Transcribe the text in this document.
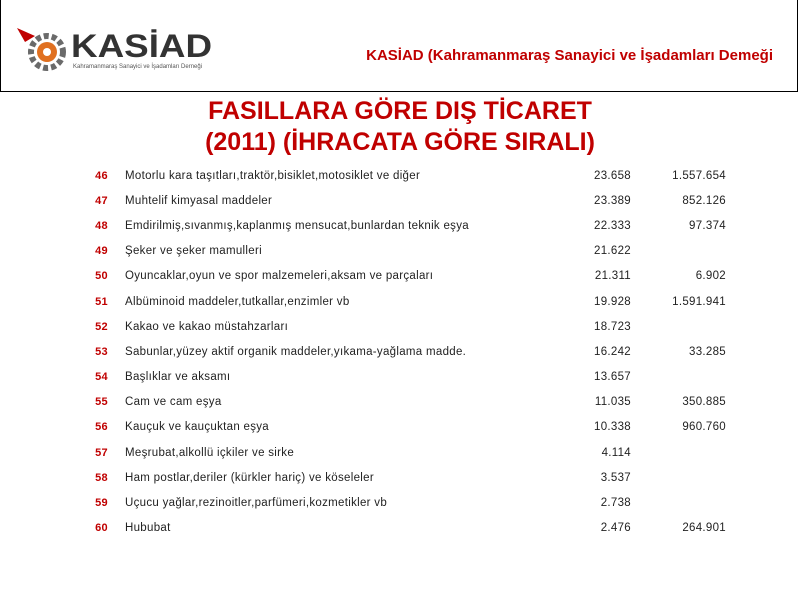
KASİAD
Kahramanmaraş Sanayici ve İşadamları Derneği
KASİAD (Kahramanmaraş Sanayici ve İşadamları Demeği
FASILLARA GÖRE DIŞ TİCARET
(2011) (İHRACATA GÖRE SIRALI)
46	Motorlu kara taşıtları,traktör,bisiklet,motosiklet ve diğer	23.658	1.557.654
47	Muhtelif kimyasal maddeler	23.389	852.126
48	Emdirilmiş,sıvanmış,kaplanmış mensucat,bunlardan teknik eşya	22.333	97.374
49	Şeker ve şeker mamulleri	21.622	
50	Oyuncaklar,oyun ve spor malzemeleri,aksam ve parçaları	21.311	6.902
51	Albüminoid maddeler,tutkallar,enzimler vb	19.928	1.591.941
52	Kakao ve kakao müstahzarları	18.723	
53	Sabunlar,yüzey aktif organik maddeler,yıkama-yağlama madde.	16.242	33.285
54	Başlıklar ve aksamı	13.657	
55	Cam ve cam eşya	11.035	350.885
56	Kauçuk ve kauçuktan eşya	10.338	960.760
57	Meşrubat,alkollü içkiler ve sirke	4.114	
58	Ham postlar,deriler (kürkler hariç) ve köseleler	3.537	
59	Uçucu yağlar,rezinoitler,parfümeri,kozmetikler vb	2.738	
60	Hububat	2.476	264.901
